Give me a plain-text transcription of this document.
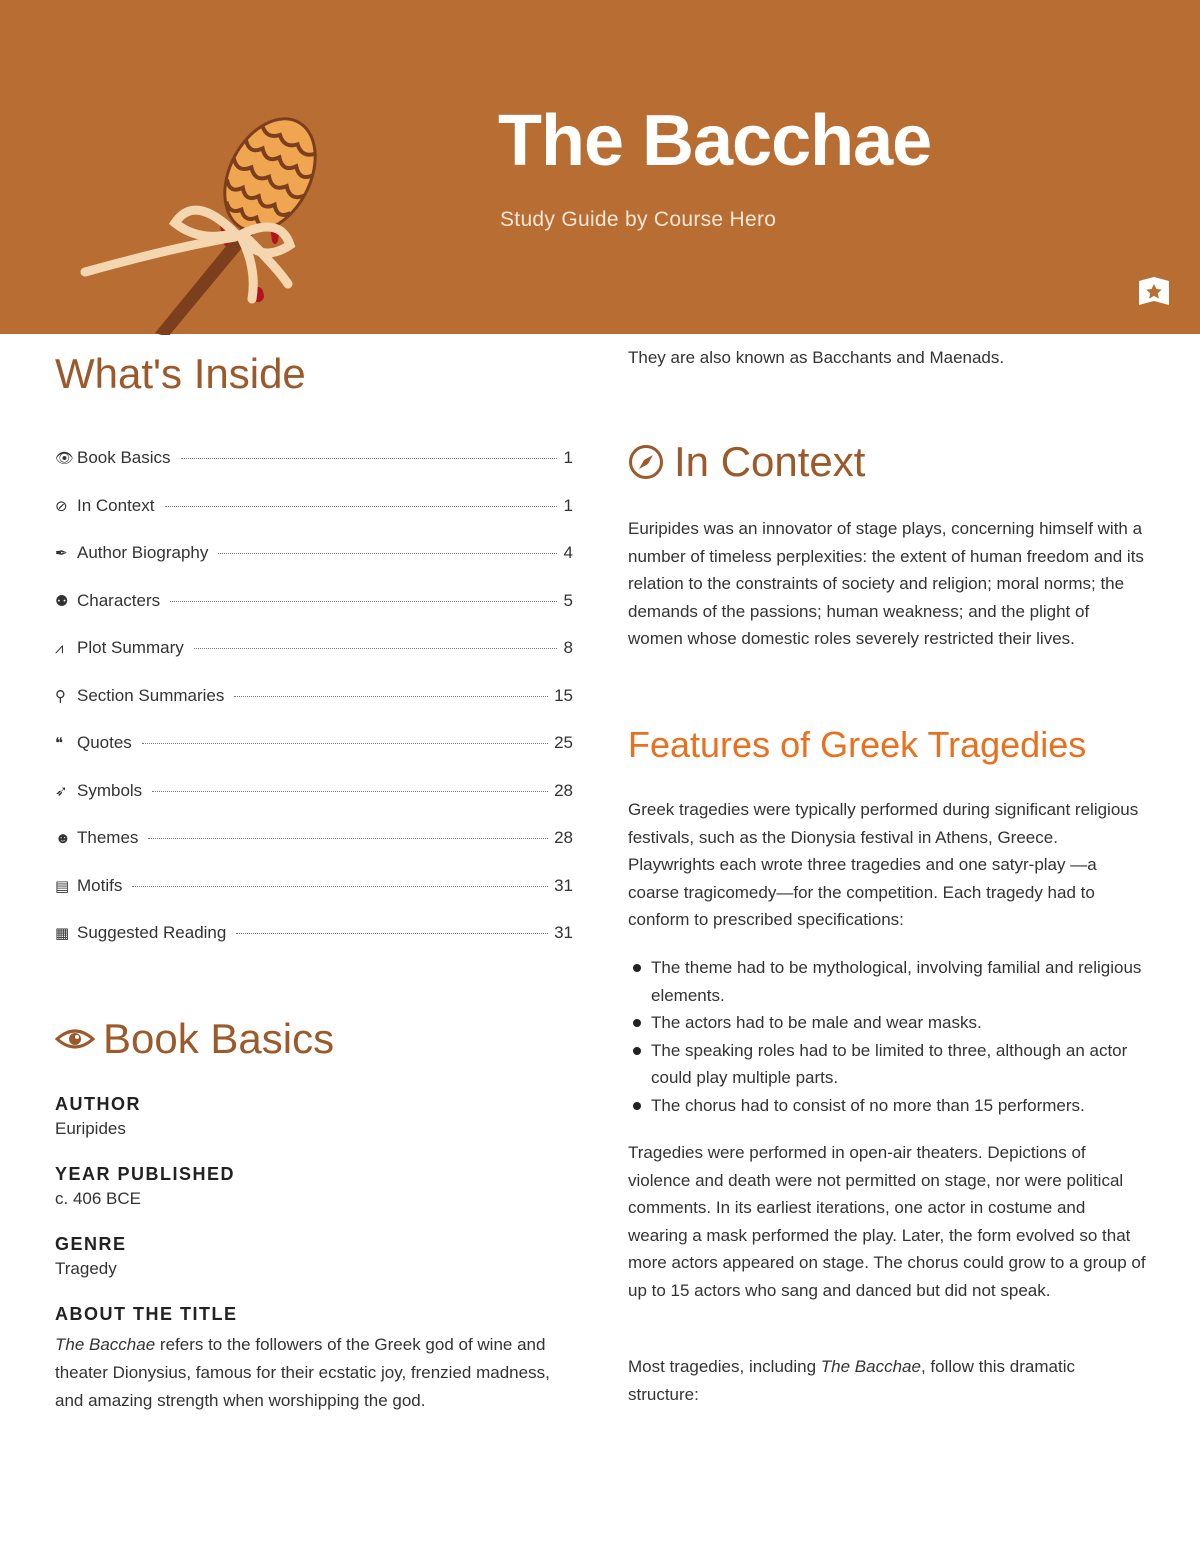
The Bacchae

Study Guide by Course Hero

What's Inside
👁 Book Basics	1
⊘ In Context	1
✒ Author Biography	4
⚉ Characters	5
⩘ Plot Summary	8
⚲ Section Summaries	15
❝ Quotes	25
➶ Symbols	28
☻ Themes	28
▤ Motifs	31
▦ Suggested Reading	31
Book Basics

AUTHOR

Euripides

YEAR PUBLISHED

c. 406 BCE

GENRE

Tragedy

ABOUT THE TITLE

The Bacchae refers to the followers of the Greek god of wine and theater Dionysius, famous for their ecstatic joy, frenzied madness, and amazing strength when worshipping the god.

They are also known as Bacchants and Maenads.

In Context

Euripides was an innovator of stage plays, concerning himself with a number of timeless perplexities: the extent of human freedom and its relation to the constraints of society and religion; moral norms; the demands of the passions; human weakness; and the plight of women whose domestic roles severely restricted their lives.

Features of Greek Tragedies

Greek tragedies were typically performed during significant religious festivals, such as the Dionysia festival in Athens, Greece. Playwrights each wrote three tragedies and one satyr-play —a coarse tragicomedy—for the competition. Each tragedy had to conform to prescribed specifications:

The theme had to be mythological, involving familial and religious elements.
The actors had to be male and wear masks.
The speaking roles had to be limited to three, although an actor could play multiple parts.
The chorus had to consist of no more than 15 performers.

Tragedies were performed in open-air theaters. Depictions of violence and death were not permitted on stage, nor were political comments. In its earliest iterations, one actor in costume and wearing a mask performed the play. Later, the form evolved so that more actors appeared on stage. The chorus could grow to a group of up to 15 actors who sang and danced but did not speak.

Most tragedies, including The Bacchae, follow this dramatic structure:
